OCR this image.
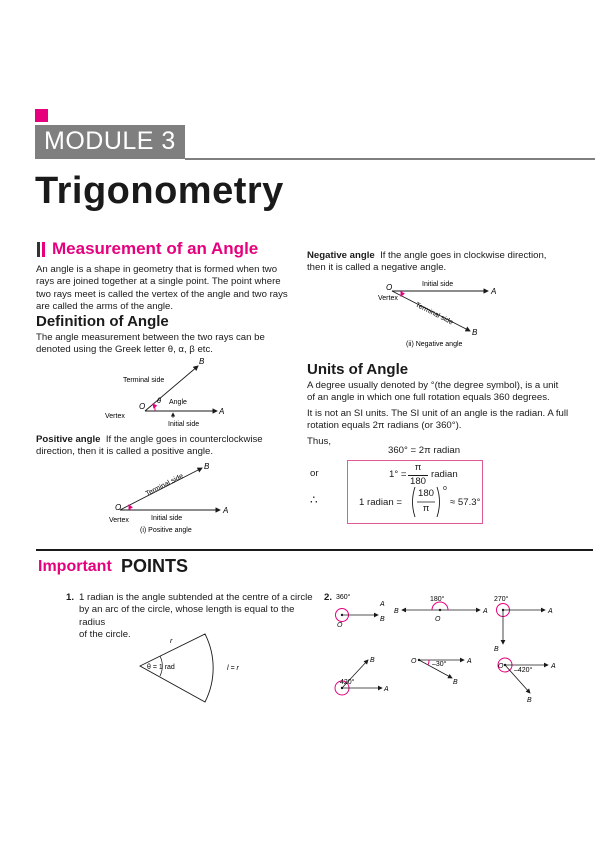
MODULE 3
Trigonometry
Measurement of an Angle
An angle is a shape in geometry that is formed when two
rays are joined together at a single point. The point where
two rays meet is called the vertex of the angle and two rays
are called the arms of the angle.
Definition of Angle
The angle measurement between the two rays can be
denoted using the Greek letter θ, α, β etc.
B
A
O
Terminal side
θ Angle
Vertex
Initial side
Positive angle If the angle goes in counterclockwise
direction, then it is called a positive angle.
B
A
O
Terminal side
Vertex	Initial side
(i) Positive angle
Negative angle If the angle goes in clockwise direction,
then it is called a negative angle.
Initial side
A
O
Vertex
Terminal side
B
(ii) Negative angle
Units of Angle
A degree usually denoted by °(the degree symbol), is a unit
of an angle in which one full rotation equals 360 degrees.
It is not an SI units. The SI unit of an angle is the radian. A full
rotation equals 2π radians (or 360°).
Thus,
360° = 2π radian
or
∴
1° =
π
180
radian
1 radian =
180
π
o
≈ 57.3°
Important POINTS
1. 1 radian is the angle subtended at the centre of a circle
by an arc of the circle, whose length is equal to the radius
of the circle.
r
θ = 1 rad	l = r
2. 360°
O
A
B
180°
O
B	A
270°
A
B
420°
B
A
O –30°	A
B
O
–420°
A
B
